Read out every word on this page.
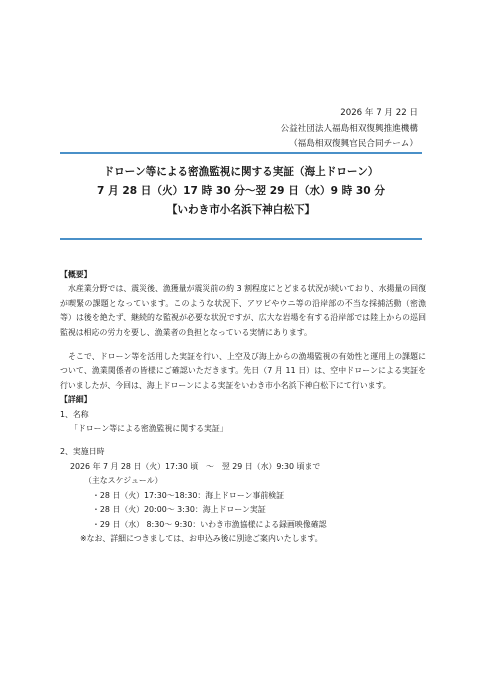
2026 年 7 月 22 日
公益社団法人福島相双復興推進機構
（福島相双復興官民合同チーム）
ドローン等による密漁監視に関する実証（海上ドローン）
7 月 28 日（火）17 時 30 分～翌 29 日（水）9 時 30 分
【いわき市小名浜下神白松下】
【概要】
水産業分野では、震災後、漁獲量が震災前の約 3 割程度にとどまる状況が続いており、水揚量の回復が喫緊の課題となっています。このような状況下、アワビやウニ等の沿岸部の不当な採捕活動（密漁等）は後を絶たず、継続的な監視が必要な状況ですが、広大な岩場を有する沿岸部では陸上からの巡回監視は相応の労力を要し、漁業者の負担となっている実情にあります。
そこで、ドローン等を活用した実証を行い、上空及び海上からの漁場監視の有効性と運用上の課題について、漁業関係者の皆様にご確認いただきます。先日（7 月 11 日）は、空中ドローンによる実証を行いましたが、今回は、海上ドローンによる実証をいわき市小名浜下神白松下にて行います。
【詳細】
1、名称
「ドローン等による密漁監視に関する実証」
2、実施日時
2026 年 7 月 28 日（火）17:30 頃　～　翌 29 日（水）9:30 頃まで
（主なスケジュール）
・28 日（火）17:30～18:30：海上ドローン事前検証
・28 日（火）20:00～ 3:30：海上ドローン実証
・29 日（水） 8:30～ 9:30：いわき市漁協様による録画映像確認
※なお、詳細につきましては、お申込み後に別途ご案内いたします。
